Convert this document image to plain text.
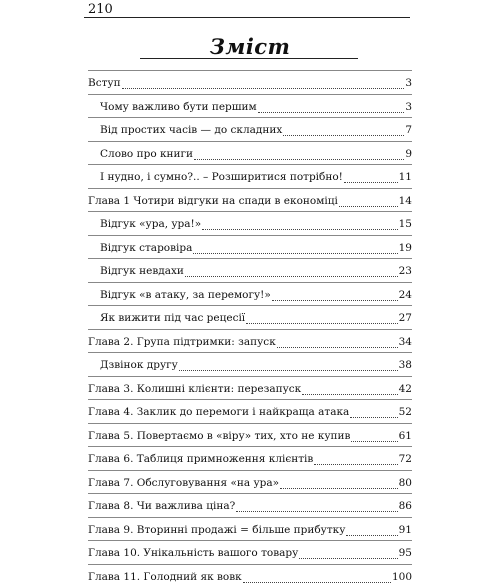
210
Зміст
Вступ	3
Чому важливо бути першим	3
Від простих часів — до складних	7
Слово про книги	9
І нудно, і сумно?.. – Розширитися потрібно!	11
Глава 1 Чотири відгуки на спади в економіці	14
Відгук «ура, ура!»	15
Відгук старовіра	19
Відгук невдахи	23
Відгук «в атаку, за перемогу!»	24
Як вижити під час рецесії	27
Глава 2. Група підтримки: запуск	34
Дзвінок другу	38
Глава 3. Колишні клієнти: перезапуск	42
Глава 4. Заклик до перемоги і найкраща атака	52
Глава 5. Повертаємо в «віру» тих, хто не купив	61
Глава 6. Таблиця примноження клієнтів	72
Глава 7. Обслуговування «на ура»	80
Глава 8. Чи важлива ціна?	86
Глава 9. Вторинні продажі = більше прибутку	91
Глава 10. Унікальність вашого товару	95
Глава 11. Голодний як вовк	100
